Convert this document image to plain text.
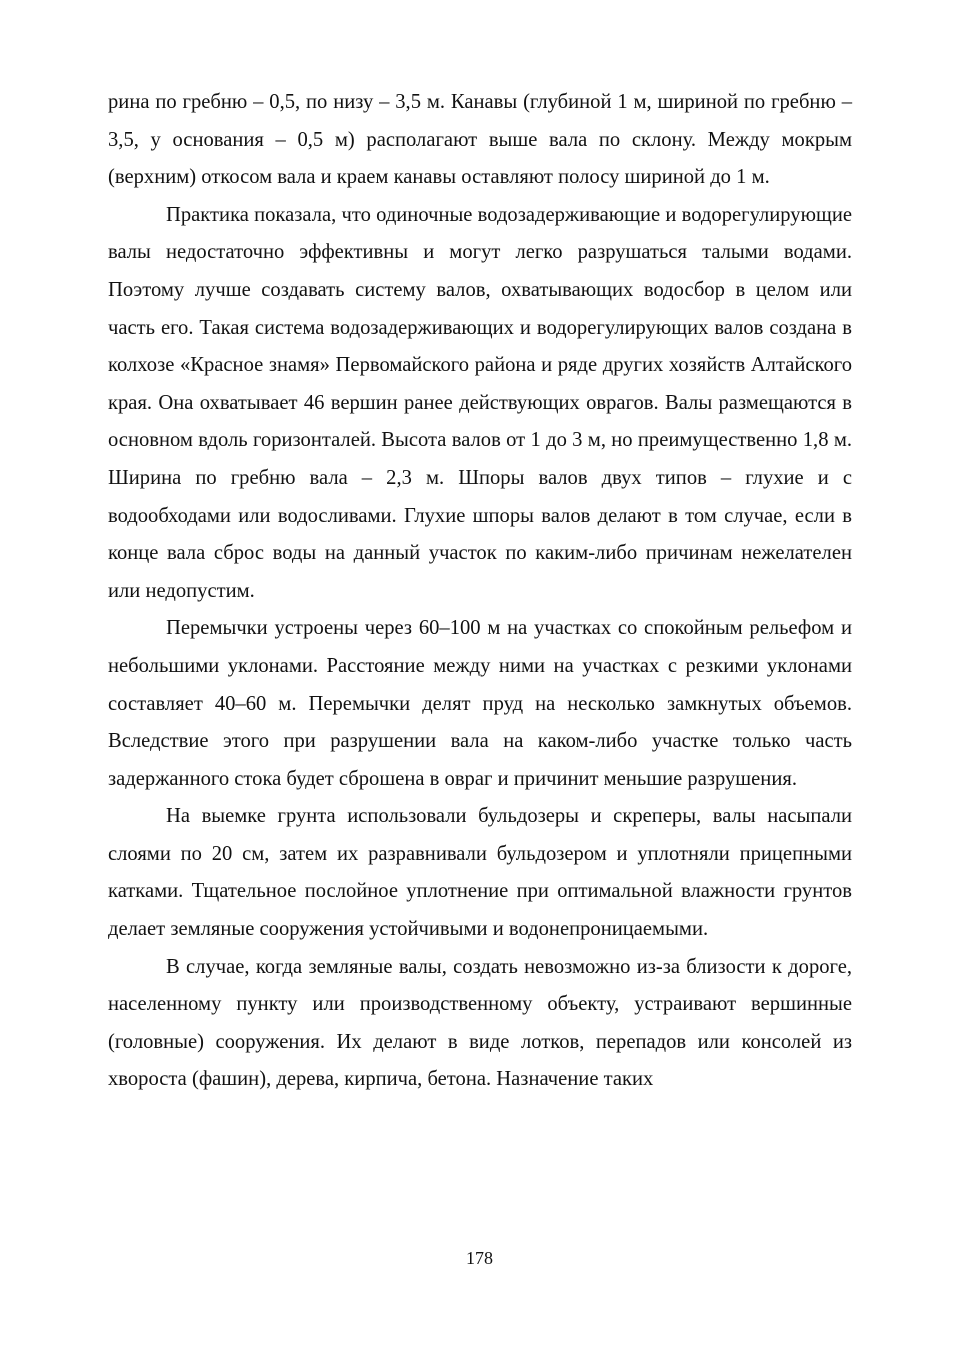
рина по гребню – 0,5, по низу – 3,5 м. Канавы (глубиной 1 м, шириной по гребню – 3,5, у основания – 0,5 м) располагают выше вала по склону. Между мокрым (верхним) откосом вала и краем канавы оставляют полосу шириной до 1 м.

Практика показала, что одиночные водозадерживающие и водорегулирующие валы недостаточно эффективны и могут легко разрушаться талыми водами. Поэтому лучше создавать систему валов, охватывающих водосбор в целом или часть его. Такая система водозадерживающих и водорегулирующих валов создана в колхозе «Красное знамя» Первомайского района и ряде других хозяйств Алтайского края. Она охватывает 46 вершин ранее действующих оврагов. Валы размещаются в основном вдоль горизонталей. Высота валов от 1 до 3 м, но преимущественно 1,8 м. Ширина по гребню вала – 2,3 м. Шпоры валов двух типов – глухие и с водообходами или водосливами. Глухие шпоры валов делают в том случае, если в конце вала сброс воды на данный участок по каким-либо причинам нежелателен или недопустим.

Перемычки устроены через 60–100 м на участках со спокойным рельефом и небольшими уклонами. Расстояние между ними на участках с резкими уклонами составляет 40–60 м. Перемычки делят пруд на несколько замкнутых объемов. Вследствие этого при разрушении вала на каком-либо участке только часть задержанного стока будет сброшена в овраг и причинит меньшие разрушения.

На выемке грунта использовали бульдозеры и скреперы, валы насыпали слоями по 20 см, затем их разравнивали бульдозером и уплотняли прицепными катками. Тщательное послойное уплотнение при оптимальной влажности грунтов делает земляные сооружения устойчивыми и водонепроницаемыми.

В случае, когда земляные валы, создать невозможно из-за близости к дороге, населенному пункту или производственному объекту, устраивают вершинные (головные) сооружения. Их делают в виде лотков, перепадов или консолей из хвороста (фашин), дерева, кирпича, бетона. Назначение таких

178
